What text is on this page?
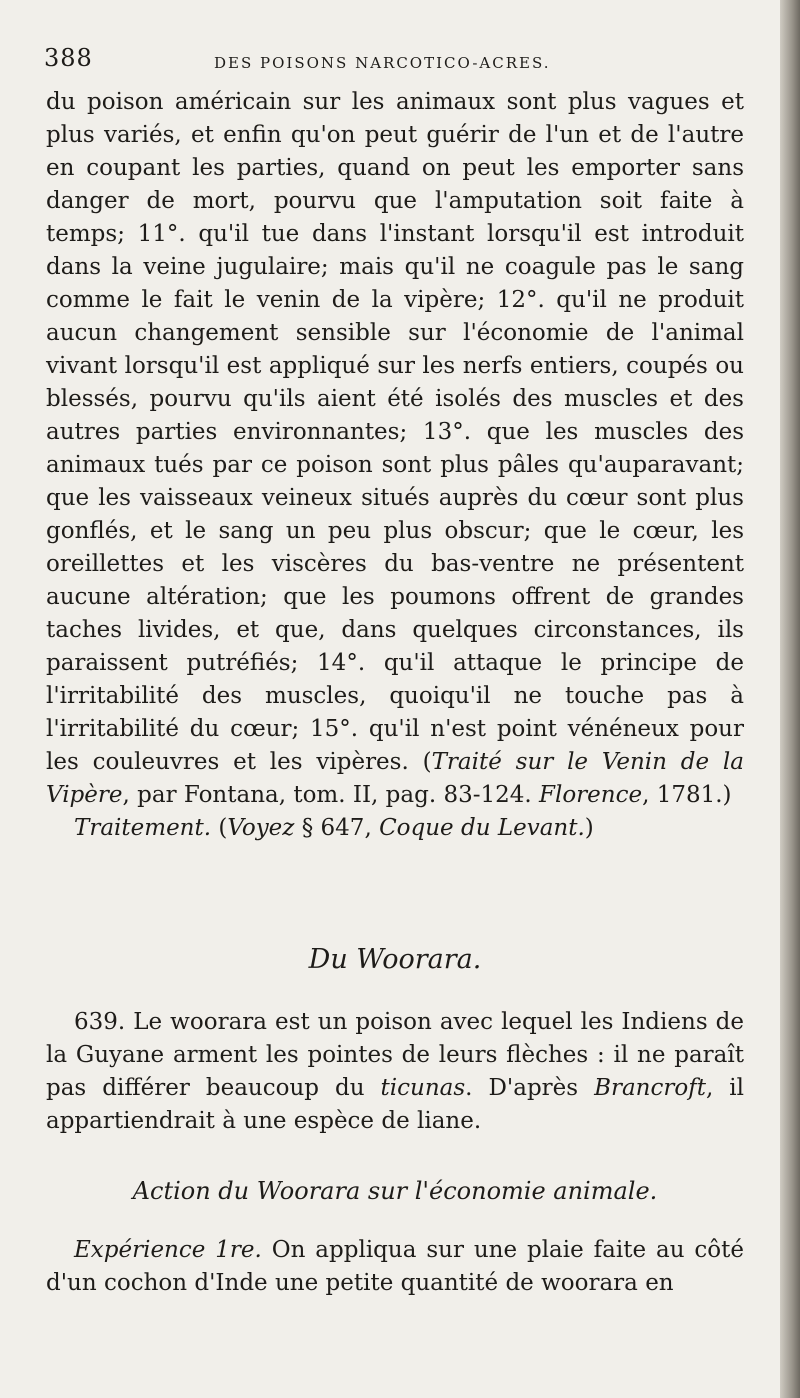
388	DES POISONS NARCOTICO-ACRES.

du poison américain sur les animaux sont plus vagues et plus variés, et enfin qu'on peut guérir de l'un et de l'autre en coupant les parties, quand on peut les emporter sans danger de mort, pourvu que l'amputation soit faite à temps; 11°. qu'il tue dans l'instant lorsqu'il est introduit dans la veine jugulaire; mais qu'il ne coagule pas le sang comme le fait le venin de la vipère; 12°. qu'il ne produit aucun changement sensible sur l'économie de l'animal vivant lorsqu'il est appliqué sur les nerfs entiers, coupés ou blessés, pourvu qu'ils aient été isolés des muscles et des autres parties environnantes; 13°. que les muscles des animaux tués par ce poison sont plus pâles qu'auparavant; que les vaisseaux veineux situés auprès du cœur sont plus gonflés, et le sang un peu plus obscur; que le cœur, les oreillettes et les viscères du bas-ventre ne présentent aucune altération; que les poumons offrent de grandes taches livides, et que, dans quelques circonstances, ils paraissent putréfiés; 14°. qu'il attaque le principe de l'irritabilité des muscles, quoiqu'il ne touche pas à l'irritabilité du cœur; 15°. qu'il n'est point vénéneux pour les couleuvres et les vipères. (Traité sur le Venin de la Vipère, par Fontana, tom. II, pag. 83-124. Florence, 1781.)

Traitement. (Voyez § 647, Coque du Levant.)

Du Woorara.
639. Le woorara est un poison avec lequel les Indiens de la Guyane arment les pointes de leurs flèches : il ne paraît pas différer beaucoup du ticunas. D'après Brancroft, il appartiendrait à une espèce de liane.
Action du Woorara sur l'économie animale.
Expérience 1re. On appliqua sur une plaie faite au côté d'un cochon d'Inde une petite quantité de woorara en
